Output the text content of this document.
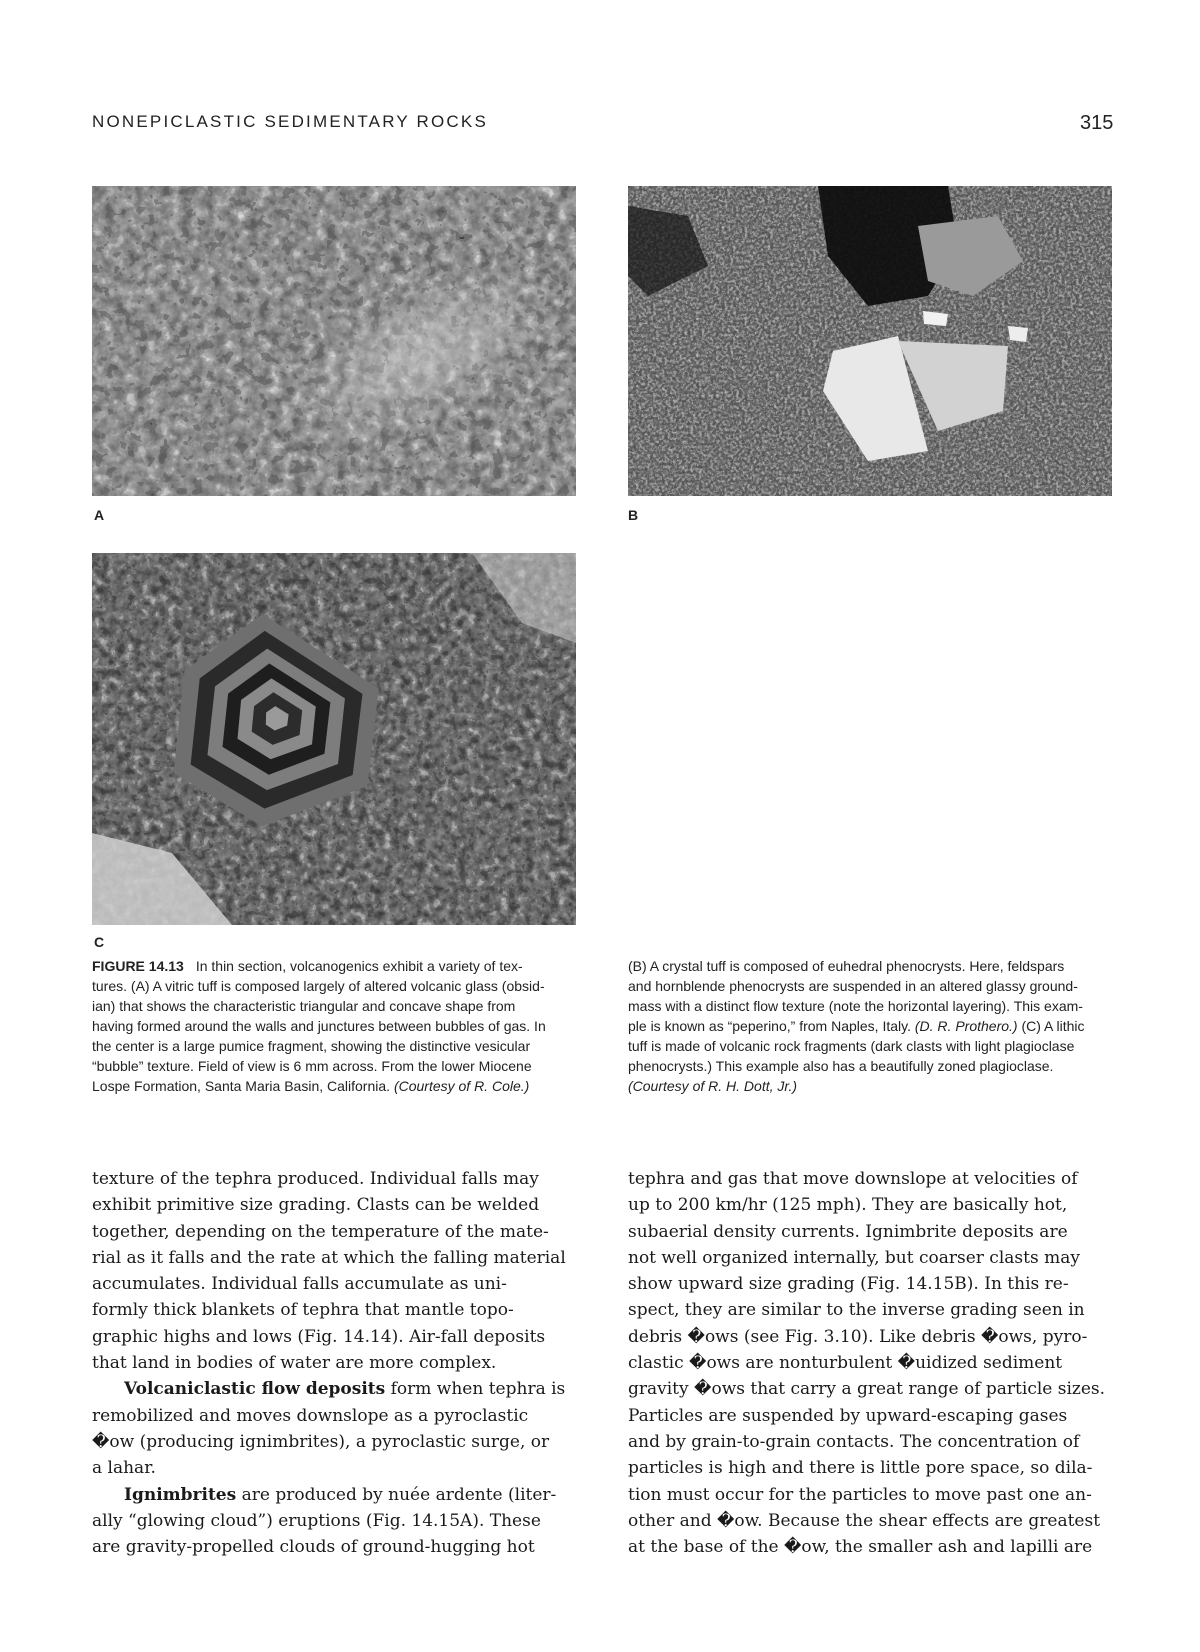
NONEPICLASTIC SEDIMENTARY ROCKS	315
A	B
C
FIGURE 14.13 In thin section, volcanogenics exhibit a variety of tex-
tures. (A) A vitric tuff is composed largely of altered volcanic glass (obsid-
ian) that shows the characteristic triangular and concave shape from
having formed around the walls and junctures between bubbles of gas. In
the center is a large pumice fragment, showing the distinctive vesicular
“bubble” texture. Field of view is 6 mm across. From the lower Miocene
Lospe Formation, Santa Maria Basin, California. (Courtesy of R. Cole.)
(B) A crystal tuff is composed of euhedral phenocrysts. Here, feldspars
and hornblende phenocrysts are suspended in an altered glassy ground-
mass with a distinct flow texture (note the horizontal layering). This exam-
ple is known as “peperino,” from Naples, Italy. (D. R. Prothero.) (C) A lithic
tuff is made of volcanic rock fragments (dark clasts with light plagioclase
phenocrysts.) This example also has a beautifully zoned plagioclase.
(Courtesy of R. H. Dott, Jr.)
texture of the tephra produced. Individual falls may
exhibit primitive size grading. Clasts can be welded
together, depending on the temperature of the mate-
rial as it falls and the rate at which the falling material
accumulates. Individual falls accumulate as uni-
formly thick blankets of tephra that mantle topo-
graphic highs and lows (Fig. 14.14). Air-fall deposits
that land in bodies of water are more complex.
Volcaniclastic flow deposits form when tephra is
remobilized and moves downslope as a pyroclastic
�ow (producing ignimbrites), a pyroclastic surge, or
a lahar.
Ignimbrites are produced by nuée ardente (liter-
ally “glowing cloud”) eruptions (Fig. 14.15A). These
are gravity-propelled clouds of ground-hugging hot
tephra and gas that move downslope at velocities of
up to 200 km/hr (125 mph). They are basically hot,
subaerial density currents. Ignimbrite deposits are
not well organized internally, but coarser clasts may
show upward size grading (Fig. 14.15B). In this re-
spect, they are similar to the inverse grading seen in
debris �ows (see Fig. 3.10). Like debris �ows, pyro-
clastic �ows are nonturbulent �uidized sediment
gravity �ows that carry a great range of particle sizes.
Particles are suspended by upward-escaping gases
and by grain-to-grain contacts. The concentration of
particles is high and there is little pore space, so dila-
tion must occur for the particles to move past one an-
other and �ow. Because the shear effects are greatest
at the base of the �ow, the smaller ash and lapilli are
